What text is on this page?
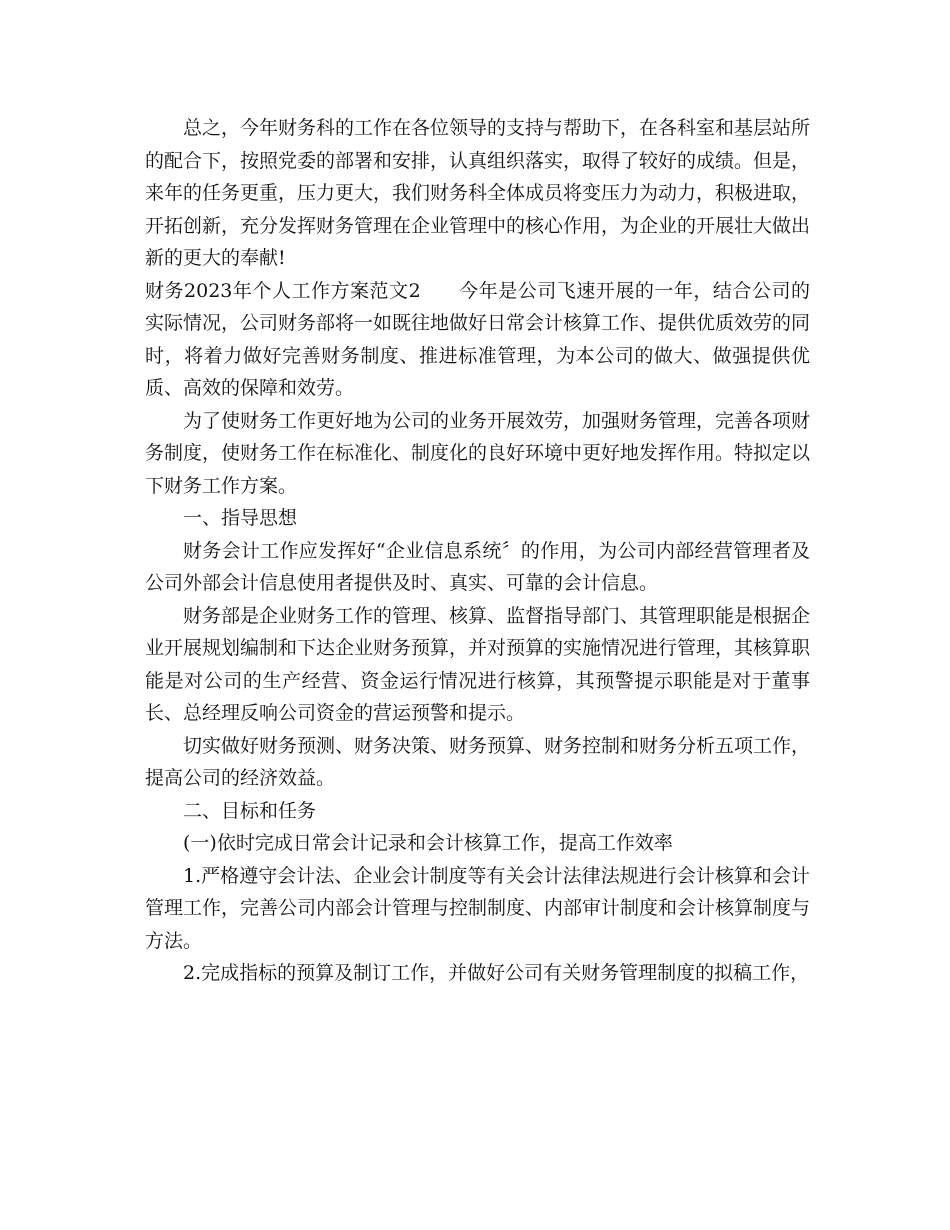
总之，今年财务科的工作在各位领导的支持与帮助下，在各科室和基层站所的配合下，按照党委的部署和安排，认真组织落实，取得了较好的成绩。但是，来年的任务更重，压力更大，我们财务科全体成员将变压力为动力，积极进取，开拓创新，充分发挥财务管理在企业管理中的核心作用，为企业的开展壮大做出新的更大的奉献!

财务2023年个人工作方案范文2 今年是公司飞速开展的一年，结合公司的实际情况，公司财务部将一如既往地做好日常会计核算工作、提供优质效劳的同时，将着力做好完善财务制度、推进标准管理，为本公司的做大、做强提供优质、高效的保障和效劳。

为了使财务工作更好地为公司的业务开展效劳，加强财务管理，完善各项财务制度，使财务工作在标准化、制度化的良好环境中更好地发挥作用。特拟定以下财务工作方案。

一、指导思想

财务会计工作应发挥好“企业信息系统〞的作用，为公司内部经营管理者及公司外部会计信息使用者提供及时、真实、可靠的会计信息。

财务部是企业财务工作的管理、核算、监督指导部门、其管理职能是根据企业开展规划编制和下达企业财务预算，并对预算的实施情况进行管理，其核算职能是对公司的生产经营、资金运行情况进行核算，其预警提示职能是对于董事长、总经理反响公司资金的营运预警和提示。

切实做好财务预测、财务决策、财务预算、财务控制和财务分析五项工作，提高公司的经济效益。

二、目标和任务

(一)依时完成日常会计记录和会计核算工作，提高工作效率

1.严格遵守会计法、企业会计制度等有关会计法律法规进行会计核算和会计管理工作，完善公司内部会计管理与控制制度、内部审计制度和会计核算制度与方法。

2.完成指标的预算及制订工作，并做好公司有关财务管理制度的拟稿工作，
